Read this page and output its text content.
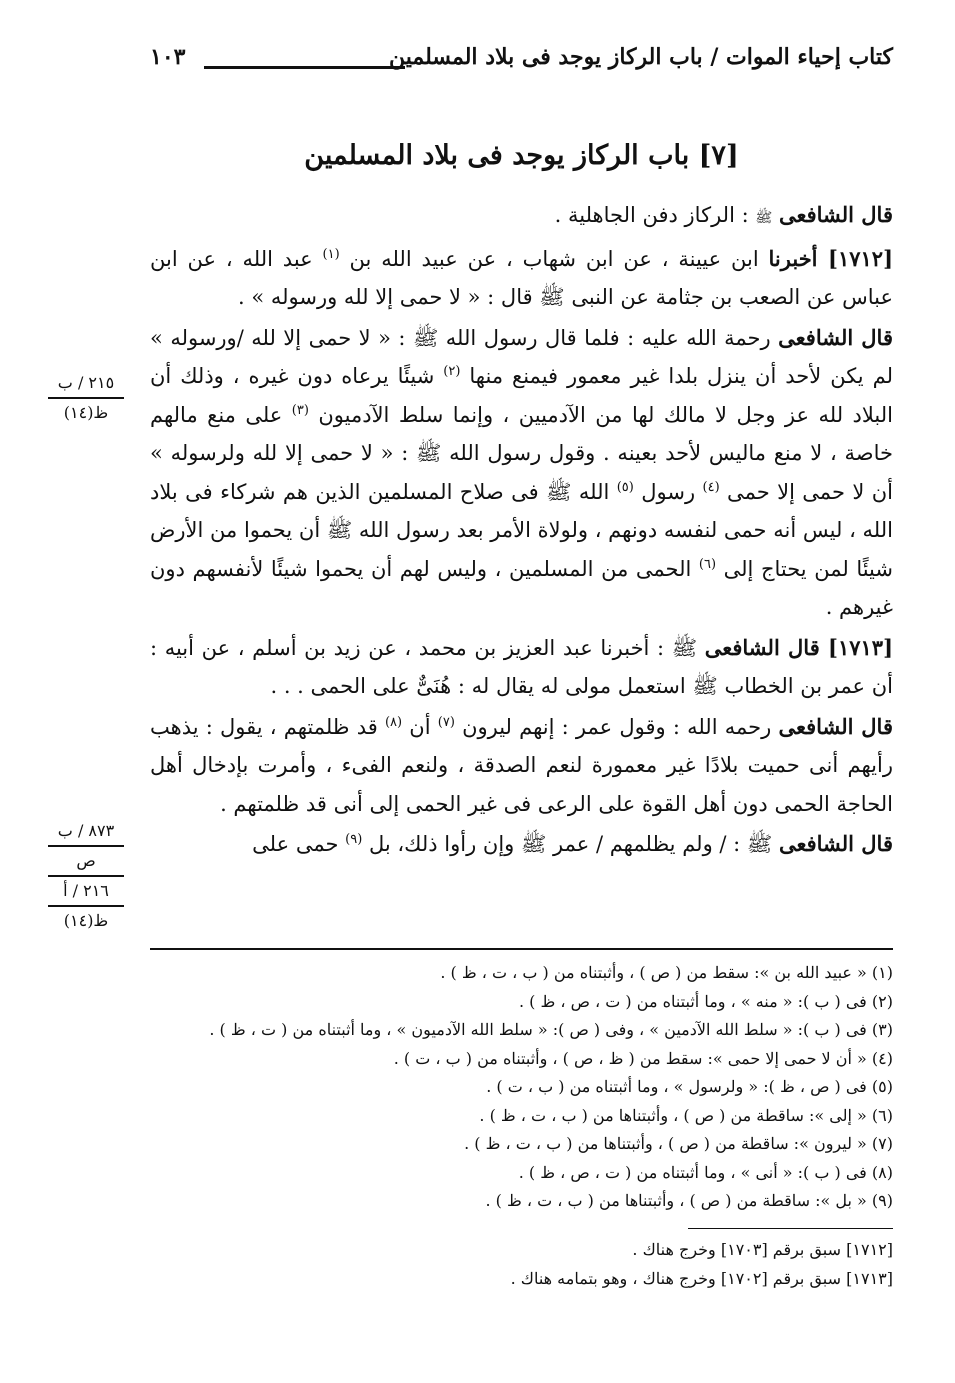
كتاب إحياء الموات / باب الركاز يوجد فى بلاد المسلمين
١٠٣
[٧] باب الركاز يوجد فى بلاد المسلمين

قال الشافعى ﷺ : الركاز دفن الجاهلية .

[١٧١٢] أخبرنا ابن عيينة ، عن ابن شهاب ، عن عبيد الله بن $^{(١)}$ عبد الله ، عن ابن عباس عن الصعب بن جثامة عن النبى ﷺ قال : « لا حمى إلا لله ورسوله » .

قال الشافعى رحمة الله عليه : فلما قال رسول الله ﷺ : « لا حمى إلا لله /ورسوله » لم يكن لأحد أن ينزل بلدا غير معمور فيمنع منها $^{(٢)}$ شيئًا يرعاه دون غيره ، وذلك أن البلاد لله عز وجل لا مالك لها من الآدميين ، وإنما سلط الآدميون $^{(٣)}$ على منع مالهم خاصة ، لا منع ماليس لأحد بعينه . وقول رسول الله ﷺ : « لا حمى إلا لله ولرسوله » أن لا حمى إلا حمى $^{(٤)}$ رسول $^{(٥)}$ الله ﷺ فى صلاح المسلمين الذين هم شركاء فى بلاد الله ، ليس أنه حمى لنفسه دونهم ، ولولاة الأمر بعد رسول الله ﷺ أن يحموا من الأرض شيئًا لمن يحتاج إلى $^{(٦)}$ الحمى من المسلمين ، وليس لهم أن يحموا شيئًا لأنفسهم دون غيرهم .

[١٧١٣] قال الشافعى ﷺ : أخبرنا عبد العزيز بن محمد ، عن زيد بن أسلم ، عن أبيه : أن عمر بن الخطاب ﷺ استعمل مولى له يقال له : هُنَىٌّ على الحمى . . .

قال الشافعى رحمه الله : وقول عمر : إنهم ليرون $^{(٧)}$ أن $^{(٨)}$ قد ظلمتهم ، يقول : يذهب رأيهم أنى حميت بلادًا غير معمورة لنعم الصدقة ، ولنعم الفىء ، وأمرت بإدخال أهل الحاجة الحمى دون أهل القوة على الرعى فى غير الحمى إلى أنى قد ظلمتهم .

قال الشافعى ﷺ : / ولم يظلمهم / عمر ﷺ وإن رأوا ذلك، بل $^{(٩)}$ حمى على

٢١٥ / ب
ظ(١٤)
٨٧٣ / ب
ص
٢١٦ / أ
ظ(١٤)

(١) « عبيد الله بن »: سقط من ( ص ) ، وأثبتناه من ( ب ، ت ، ظ ) .

(٢) فى ( ب ): « منه » ، وما أثبتناه من ( ت ، ص ، ظ ) .

(٣) فى ( ب ): « سلط الله الآدمين » ، وفى ( ص ): « سلط الله الآدميون » ، وما أثبتناه من ( ت ، ظ ) .

(٤) « أن لا حمى إلا حمى »: سقط من ( ظ ، ص ) ، وأثبتناه من ( ب ، ت ) .

(٥) فى ( ص ، ظ ): « ولرسول » ، وما أثبتناه من ( ب ، ت ) .

(٦) « إلى »: ساقطة من ( ص ) ، وأثبتناها من ( ب ، ت ، ظ ) .

(٧) « ليرون »: ساقطة من ( ص ) ، وأثبتناها من ( ب ، ت ، ظ ) .

(٨) فى ( ب ): « أنى » ، وما أثبتناه من ( ت ، ص ، ظ ) .

(٩) « بل »: ساقطة من ( ص ) ، وأثبتناها من ( ب ، ت ، ظ ) .

[١٧١٢] سبق برقم [١٧٠٣] وخرج هناك .

[١٧١٣] سبق برقم [١٧٠٢] وخرج هناك ، وهو بتمامه هناك .
